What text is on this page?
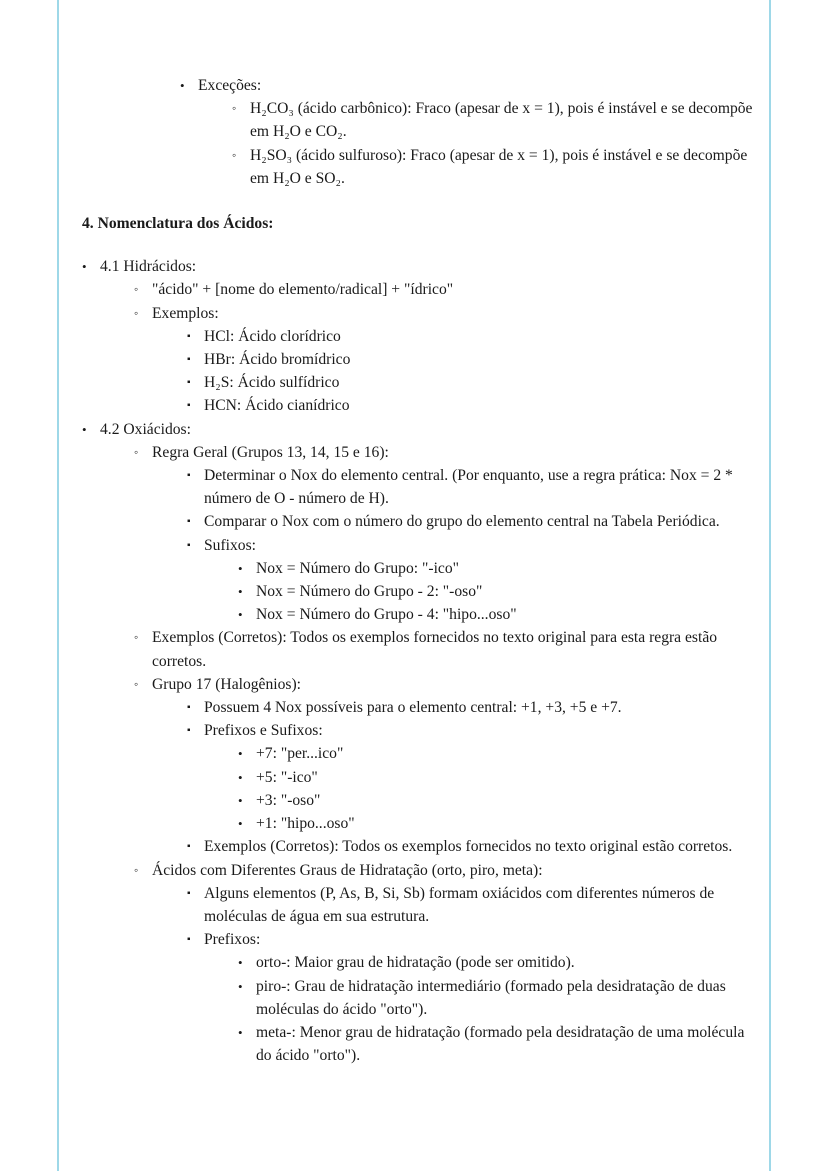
• Exceções:
◦ H₂CO₃ (ácido carbônico): Fraco (apesar de x = 1), pois é instável e se decompõe em H₂O e CO₂.
◦ H₂SO₃ (ácido sulfuroso): Fraco (apesar de x = 1), pois é instável e se decompõe em H₂O e SO₂.
4. Nomenclatura dos Ácidos:
• 4.1 Hidrácidos:
◦ "ácido" + [nome do elemento/radical] + "ídrico"
◦ Exemplos:
▪ HCl: Ácido clorídrico
▪ HBr: Ácido bromídrico
▪ H₂S: Ácido sulfídrico
▪ HCN: Ácido cianídrico
• 4.2 Oxiácidos:
◦ Regra Geral (Grupos 13, 14, 15 e 16):
▪ Determinar o Nox do elemento central. (Por enquanto, use a regra prática: Nox = 2 * número de O - número de H).
▪ Comparar o Nox com o número do grupo do elemento central na Tabela Periódica.
▪ Sufixos:
• Nox = Número do Grupo: "-ico"
• Nox = Número do Grupo - 2: "-oso"
• Nox = Número do Grupo - 4: "hipo...oso"
◦ Exemplos (Corretos): Todos os exemplos fornecidos no texto original para esta regra estão corretos.
◦ Grupo 17 (Halogênios):
▪ Possuem 4 Nox possíveis para o elemento central: +1, +3, +5 e +7.
▪ Prefixos e Sufixos:
• +7: "per...ico"
• +5: "-ico"
• +3: "-oso"
• +1: "hipo...oso"
▪ Exemplos (Corretos): Todos os exemplos fornecidos no texto original estão corretos.
◦ Ácidos com Diferentes Graus de Hidratação (orto, piro, meta):
▪ Alguns elementos (P, As, B, Si, Sb) formam oxiácidos com diferentes números de moléculas de água em sua estrutura.
▪ Prefixos:
• orto-: Maior grau de hidratação (pode ser omitido).
• piro-: Grau de hidratação intermediário (formado pela desidratação de duas moléculas do ácido "orto").
• meta-: Menor grau de hidratação (formado pela desidratação de uma molécula do ácido "orto").
